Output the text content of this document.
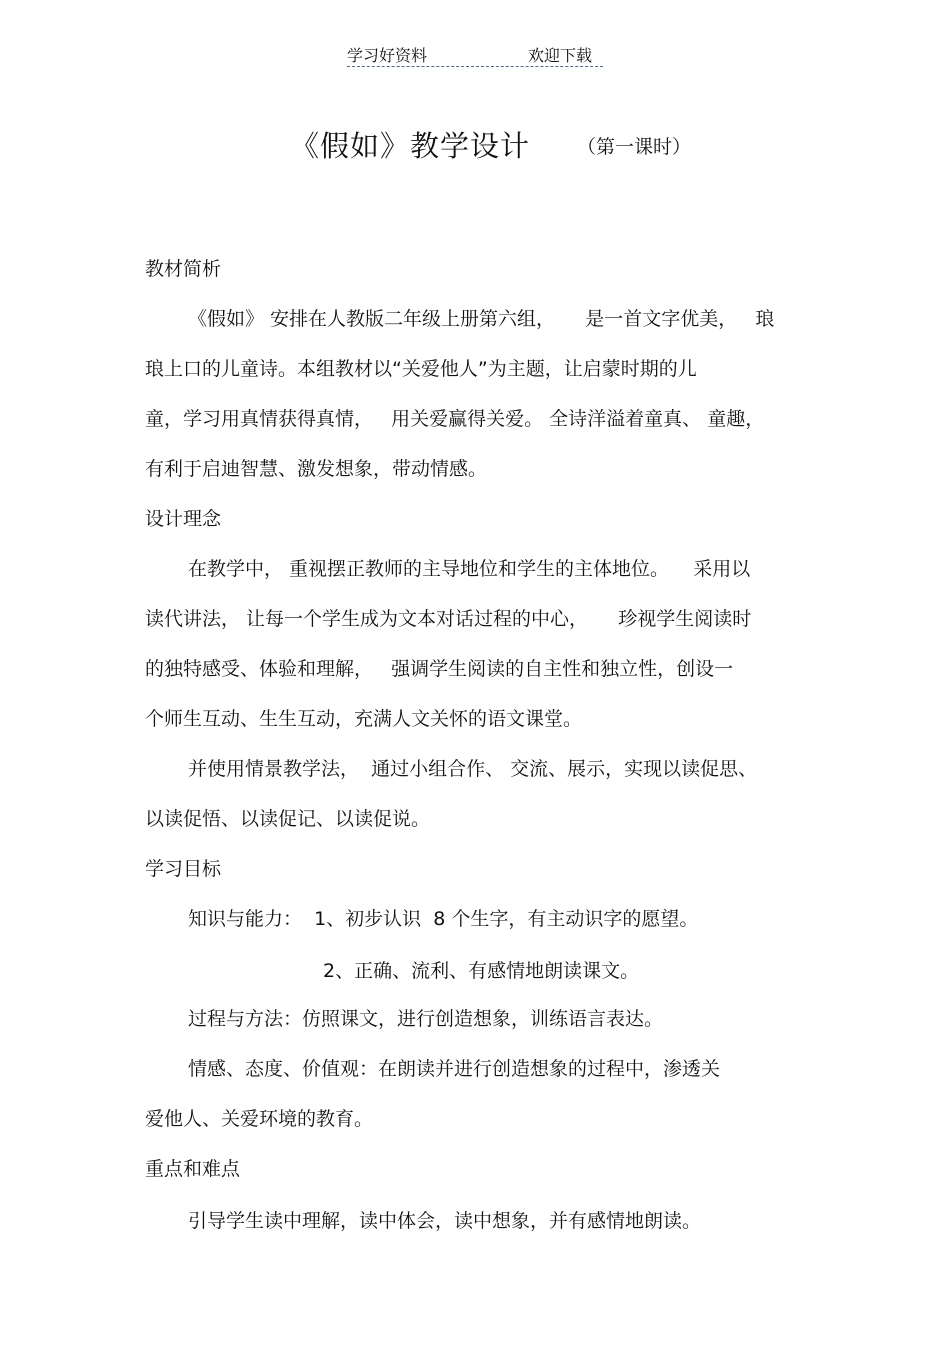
学习好资料	欢迎下载
《假如》教学设计 （第一课时）
教材简析
《假如》 安排在人教版二年级上册第六组，     是一首文字优美，   琅
琅上口的儿童诗。本组教材以“关爱他人”为主题，让启蒙时期的儿
童，学习用真情获得真情，   用关爱赢得关爱。 全诗洋溢着童真、 童趣，
有利于启迪智慧、激发想象，带动情感。
设计理念
在教学中， 重视摆正教师的主导地位和学生的主体地位。    采用以
读代讲法， 让每一个学生成为文本对话过程的中心，     珍视学生阅读时
的独特感受、体验和理解，   强调学生阅读的自主性和独立性，创设一
个师生互动、生生互动，充满人文关怀的语文课堂。
并使用情景教学法，  通过小组合作、 交流、展示，实现以读促思、
以读促悟、以读促记、以读促说。
学习目标
知识与能力：  1、初步认识  8 个生字，有主动识字的愿望。
2、正确、流利、有感情地朗读课文。
过程与方法：仿照课文，进行创造想象，训练语言表达。
情感、态度、价值观：在朗读并进行创造想象的过程中，渗透关
爱他人、关爱环境的教育。
重点和难点
引导学生读中理解，读中体会，读中想象，并有感情地朗读。
